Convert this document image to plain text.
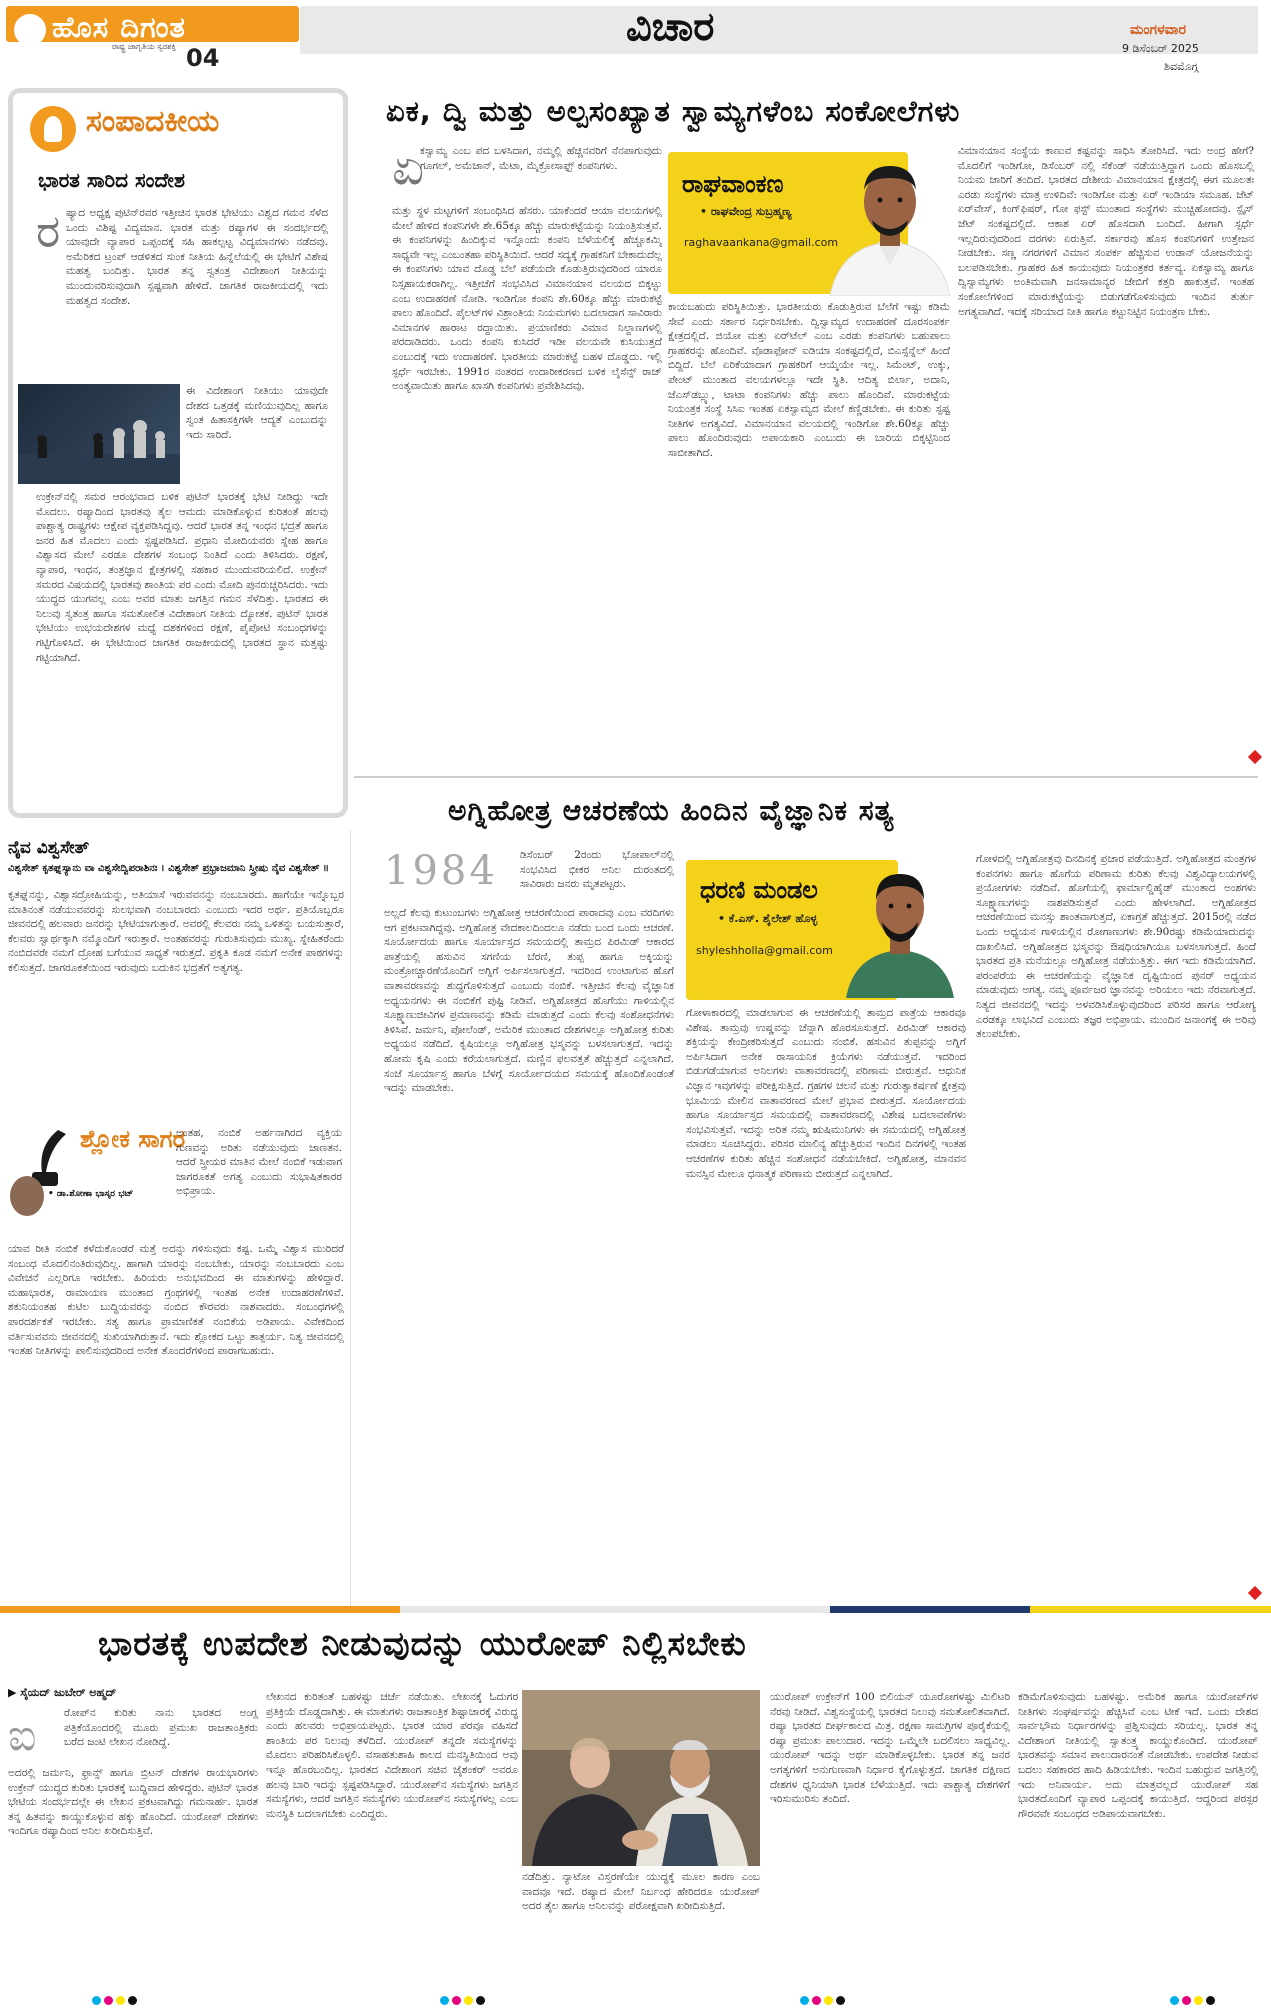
ಹೊಸ ದಿಗಂತ
ರಾಷ್ಟ್ರ ಜಾಗೃತಿಯ ಸ್ವರಶಕ್ತಿ 04
ವಿಚಾರ	ಮಂಗಳವಾರ
9 ಡಿಸೆಂಬರ್ 2025
ಶಿವಮೊಗ್ಗ
ಸಂಪಾದಕೀಯ
ಭಾರತ ಸಾರಿದ ಸಂದೇಶ
ರ ಷ್ಯಾದ ಅಧ್ಯಕ್ಷ ಪುಟಿನ್‌ರವರ ಇತ್ತೀಚಿನ ಭಾರತ ಭೇಟಿಯು ವಿಶ್ವದ ಗಮನ ಸೆಳೆದ ಒಂದು ವಿಶಿಷ್ಟ ವಿದ್ಯಮಾನ. ಭಾರತ ಮತ್ತು ರಷ್ಯಾಗಳ ಈ ಸಂದರ್ಭದಲ್ಲಿ ಯಾವುದೇ ವ್ಯಾಪಾರ ಒಪ್ಪಂದಕ್ಕೆ ಸಹಿ ಹಾಕಲ್ಪಟ್ಟ ವಿದ್ಯಮಾನಗಳು ನಡೆದವು. ಅಮೆರಿಕದ ಟ್ರಂಪ್ ಆಡಳಿತದ ಸುಂಕ ನೀತಿಯ ಹಿನ್ನೆಲೆಯಲ್ಲಿ ಈ ಭೇಟಿಗೆ ವಿಶೇಷ ಮಹತ್ವ ಬಂದಿತ್ತು. ಭಾರತ ತನ್ನ ಸ್ವತಂತ್ರ ವಿದೇಶಾಂಗ ನೀತಿಯನ್ನು ಮುಂದುವರಿಸುವುದಾಗಿ ಸ್ಪಷ್ಟವಾಗಿ ಹೇಳಿದೆ. ಜಾಗತಿಕ ರಾಜಕೀಯದಲ್ಲಿ ಇದು ಮಹತ್ವದ ಸಂದೇಶ.
ಈ ವಿದೇಶಾಂಗ ನೀತಿಯು ಯಾವುದೇ ದೇಶದ ಒತ್ತಡಕ್ಕೆ ಮಣಿಯುವುದಿಲ್ಲ ಹಾಗೂ ಸ್ವಂತ ಹಿತಾಸಕ್ತಿಗಳೇ ಆದ್ಯತೆ ಎಂಬುದನ್ನು ಇದು ಸಾರಿದೆ.
ಉಕ್ರೇನ್‌ನಲ್ಲಿ ಸಮರ ಆರಂಭವಾದ ಬಳಿಕ ಪುಟಿನ್ ಭಾರತಕ್ಕೆ ಭೇಟಿ ನೀಡಿದ್ದು ಇದೇ ಮೊದಲು. ರಷ್ಯಾದಿಂದ ಭಾರತವು ತೈಲ ಆಮದು ಮಾಡಿಕೊಳ್ಳುವ ಕುರಿತಂತೆ ಹಲವು ಪಾಶ್ಚಾತ್ಯ ರಾಷ್ಟ್ರಗಳು ಆಕ್ಷೇಪ ವ್ಯಕ್ತಪಡಿಸಿದ್ದವು. ಆದರೆ ಭಾರತ ತನ್ನ ಇಂಧನ ಭದ್ರತೆ ಹಾಗೂ ಜನರ ಹಿತ ಮೊದಲು ಎಂದು ಸ್ಪಷ್ಟಪಡಿಸಿದೆ. ಪ್ರಧಾನಿ ಮೋದಿಯವರು ಸ್ನೇಹ ಹಾಗೂ ವಿಶ್ವಾಸದ ಮೇಲೆ ಎರಡೂ ದೇಶಗಳ ಸಂಬಂಧ ನಿಂತಿದೆ ಎಂದು ತಿಳಿಸಿದರು. ರಕ್ಷಣೆ, ವ್ಯಾಪಾರ, ಇಂಧನ, ತಂತ್ರಜ್ಞಾನ ಕ್ಷೇತ್ರಗಳಲ್ಲಿ ಸಹಕಾರ ಮುಂದುವರಿಯಲಿದೆ. ಉಕ್ರೇನ್ ಸಮರದ ವಿಷಯದಲ್ಲಿ ಭಾರತವು ಶಾಂತಿಯ ಪರ ಎಂದು ಮೋದಿ ಪುನರುಚ್ಚರಿಸಿದರು. ಇದು ಯುದ್ಧದ ಯುಗವಲ್ಲ ಎಂಬ ಅವರ ಮಾತು ಜಗತ್ತಿನ ಗಮನ ಸೆಳೆದಿತ್ತು. ಭಾರತದ ಈ ನಿಲುವು ಸ್ವತಂತ್ರ ಹಾಗೂ ಸಮತೋಲಿತ ವಿದೇಶಾಂಗ ನೀತಿಯ ದ್ಯೋತಕ. ಪುಟಿನ್ ಭಾರತ ಭೇಟಿಯು ಉಭಯದೇಶಗಳ ಮಧ್ಯೆ ದಶಕಗಳಿಂದ ರಕ್ಷಣೆ, ಪೈಪೋಟಿ ಸಂಬಂಧಗಳನ್ನು ಗಟ್ಟಿಗೊಳಿಸಿದೆ. ಈ ಭೇಟಿಯಿಂದ ಜಾಗತಿಕ ರಾಜಕೀಯದಲ್ಲಿ ಭಾರತದ ಸ್ಥಾನ ಮತ್ತಷ್ಟು ಗಟ್ಟಿಯಾಗಿದೆ.
ಏಕ, ದ್ವಿ ಮತ್ತು ಅಲ್ಪಸಂಖ್ಯಾತ ಸ್ವಾಮ್ಯಗಳೆಂಬ ಸಂಕೋಲೆಗಳು
ಏ
ಕಸ್ವಾಮ್ಯ ಎಂಬ ಪದ ಬಳಸಿದಾಗ, ನಮ್ಮಲ್ಲಿ ಹೆಚ್ಚಿನವರಿಗೆ ನೆನಪಾಗುವುದು ಗೂಗಲ್, ಅಮೆಜಾನ್, ಮೆಟಾ, ಮೈಕ್ರೋಸಾಫ್ಟ್ ಕಂಪನಿಗಳು.
ಮತ್ತು ಸ್ಥಳ ಮಟ್ಟಗಳಿಗೆ ಸಂಬಂಧಿಸಿದ ಹೆಸರು. ಯಾಕೆಂದರೆ ಆಯಾ ವಲಯಗಳಲ್ಲಿ ಮೇಲೆ ಹೇಳಿದ ಕಂಪನಿಗಳೇ ಶೇ.65ಕ್ಕೂ ಹೆಚ್ಚು ಮಾರುಕಟ್ಟೆಯನ್ನು ನಿಯಂತ್ರಿಸುತ್ತವೆ. ಈ ಕಂಪನಿಗಳನ್ನು ಹಿಂದಿಕ್ಕುವ ಇನ್ನೊಂದು ಕಂಪನಿ ಬೆಳೆಯಲಿಕ್ಕೆ ಹೆಚ್ಚೂಕಮ್ಮಿ ಸಾಧ್ಯವೇ ಇಲ್ಲ ಎಂಬಂತಹಾ ಪರಿಸ್ಥಿತಿಯಿದೆ. ಆದರೆ ಸದ್ಯಕ್ಕೆ ಗ್ರಾಹಕನಿಗೆ ಬೇಕಾದುದೆಲ್ಲ ಈ ಕಂಪನಿಗಳು ಯಾವ ದೊಡ್ಡ ಬೆಲೆ ಪಡೆಯದೇ ಕೊಡುತ್ತಿರುವುದರಿಂದ ಯಾರೂ ನಿಸ್ಸಹಾಯಕರಾಗಿಲ್ಲ. ಇತ್ತೀಚೆಗೆ ಸಂಭವಿಸಿದ ವಿಮಾನಯಾನ ವಲಯದ ಬಿಕ್ಕಟ್ಟು ಎಂಬ ಉದಾಹರಣೆ ನೋಡಿ. ಇಂಡಿಗೋ ಕಂಪನಿ ಶೇ.60ಕ್ಕೂ ಹೆಚ್ಚು ಮಾರುಕಟ್ಟೆ ಪಾಲು ಹೊಂದಿದೆ. ಪೈಲಟ್‌ಗಳ ವಿಶ್ರಾಂತಿಯ ನಿಯಮಗಳು ಬದಲಾದಾಗ ಸಾವಿರಾರು ವಿಮಾನಗಳ ಹಾರಾಟ ರದ್ದಾಯಿತು. ಪ್ರಯಾಣಿಕರು ವಿಮಾನ ನಿಲ್ದಾಣಗಳಲ್ಲಿ ಪರದಾಡಿದರು. ಒಂದು ಕಂಪನಿ ಕುಸಿದರೆ ಇಡೀ ವಲಯವೇ ಕುಸಿಯುತ್ತದೆ ಎಂಬುದಕ್ಕೆ ಇದು ಉದಾಹರಣೆ. ಭಾರತೀಯ ಮಾರುಕಟ್ಟೆ ಬಹಳ ದೊಡ್ಡದು. ಇಲ್ಲಿ ಸ್ಪರ್ಧೆ ಇರಬೇಕು. 1991ರ ನಂತರದ ಉದಾರೀಕರಣದ ಬಳಿಕ ಲೈಸೆನ್ಸ್ ರಾಜ್ ಅಂತ್ಯವಾಯಿತು ಹಾಗೂ ಖಾಸಗಿ ಕಂಪನಿಗಳು ಪ್ರವೇಶಿಸಿದವು.
ರಾಘವಾಂಕಣ
• ರಾಘವೇಂದ್ರ ಸುಬ್ರಹ್ಮಣ್ಯ
raghavaankana@gmail.com
ಕಾಯಬಹುದು ಪರಿಸ್ಥಿತಿಯಿತ್ತು. ಭಾರತೀಯರು ಕೊಡುತ್ತಿರುವ ಬೆಲೆಗೆ ಇಷ್ಟು ಕಡಿಮೆ ಸೇವೆ ಎಂದು ಸರ್ಕಾರ ನಿರ್ಧರಿಸಬೇಕು. ದ್ವಿಸ್ವಾಮ್ಯದ ಉದಾಹರಣೆ ದೂರಸಂಪರ್ಕ ಕ್ಷೇತ್ರದಲ್ಲಿದೆ. ಜಿಯೋ ಮತ್ತು ಏರ್‌ಟೆಲ್ ಎಂಬ ಎರಡು ಕಂಪನಿಗಳು ಬಹುಪಾಲು ಗ್ರಾಹಕರನ್ನು ಹೊಂದಿವೆ. ವೊಡಾಫೋನ್ ಐಡಿಯಾ ಸಂಕಷ್ಟದಲ್ಲಿದೆ, ಬಿಎಸ್ಸೆನ್ನೆಲ್ ಹಿಂದೆ ಬಿದ್ದಿದೆ. ಬೆಲೆ ಏರಿಕೆಯಾದಾಗ ಗ್ರಾಹಕರಿಗೆ ಆಯ್ಕೆಯೇ ಇಲ್ಲ. ಸಿಮೆಂಟ್, ಉಕ್ಕು, ಪೇಂಟ್ ಮುಂತಾದ ವಲಯಗಳಲ್ಲೂ ಇದೇ ಸ್ಥಿತಿ. ಆದಿತ್ಯ ಬಿರ್ಲಾ, ಅದಾನಿ, ಜೆಎಸ್‌ಡಬ್ಲ್ಯು, ಟಾಟಾ ಕಂಪನಿಗಳು ಹೆಚ್ಚು ಪಾಲು ಹೊಂದಿವೆ. ಮಾರುಕಟ್ಟೆಯ ನಿಯಂತ್ರಕ ಸಂಸ್ಥೆ ಸಿಸಿಐ ಇಂತಹ ಏಕಸ್ವಾಮ್ಯದ ಮೇಲೆ ಕಣ್ಣಿಡಬೇಕು. ಈ ಕುರಿತು ಸ್ಪಷ್ಟ ನೀತಿಗಳ ಅಗತ್ಯವಿದೆ. ವಿಮಾನಯಾನ ವಲಯದಲ್ಲಿ ಇಂಡಿಗೋ ಶೇ.60ಕ್ಕೂ ಹೆಚ್ಚು ಪಾಲು ಹೊಂದಿರುವುದು ಅಪಾಯಕಾರಿ ಎಂಬುದು ಈ ಬಾರಿಯ ಬಿಕ್ಕಟ್ಟಿನಿಂದ ಸಾಬೀತಾಗಿದೆ.
ವಿಮಾನಯಾನ ಸಂಸ್ಥೆಯ ಕಾಣುವ ಕಷ್ಟವನ್ನು ಸಾಧಿಸಿ ತೋರಿಸಿದೆ. ಇದು ಅಂದ್ರ ಹೇಗೆ? ಮೊದಲಿಗೆ ಇಂಡಿಗೋ, ಡಿಸೆಂಬರ್ ನಲ್ಲಿ ಸೆಕೆಂಡ್ ನಡೆಯುತ್ತಿದ್ದಾಗ ಒಂದು ಹೊಸಬಲ್ಲಿ ನಿಯಮ ಜಾರಿಗೆ ತಂದಿದೆ. ಭಾರತದ ದೇಶೀಯ ವಿಮಾನಯಾನ ಕ್ಷೇತ್ರದಲ್ಲಿ ಈಗ ಮೂಲತಃ ಎರಡು ಸಂಸ್ಥೆಗಳು ಮಾತ್ರ ಉಳಿದಿವೆ: ಇಂಡಿಗೋ ಮತ್ತು ಏರ್ ಇಂಡಿಯಾ ಸಮೂಹ. ಜೆಟ್ ಏರ್‌ವೇಸ್, ಕಿಂಗ್‌ಫಿಷರ್, ಗೋ ಫಸ್ಟ್ ಮುಂತಾದ ಸಂಸ್ಥೆಗಳು ಮುಚ್ಚಿಹೋದವು. ಸ್ಪೈಸ್ ಜೆಟ್ ಸಂಕಷ್ಟದಲ್ಲಿದೆ. ಆಕಾಶ ಏರ್ ಹೊಸದಾಗಿ ಬಂದಿದೆ. ಹೀಗಾಗಿ ಸ್ಪರ್ಧೆ ಇಲ್ಲದಿರುವುದರಿಂದ ದರಗಳು ಏರುತ್ತಿವೆ. ಸರ್ಕಾರವು ಹೊಸ ಕಂಪನಿಗಳಿಗೆ ಉತ್ತೇಜನ ನೀಡಬೇಕು. ಸಣ್ಣ ನಗರಗಳಿಗೆ ವಿಮಾನ ಸಂಪರ್ಕ ಹೆಚ್ಚಿಸುವ ಉಡಾನ್ ಯೋಜನೆಯನ್ನು ಬಲಪಡಿಸಬೇಕು. ಗ್ರಾಹಕರ ಹಿತ ಕಾಯುವುದು ನಿಯಂತ್ರಕರ ಕರ್ತವ್ಯ. ಏಕಸ್ವಾಮ್ಯ ಹಾಗೂ ದ್ವಿಸ್ವಾಮ್ಯಗಳು ಅಂತಿಮವಾಗಿ ಜನಸಾಮಾನ್ಯರ ಜೇಬಿಗೆ ಕತ್ತರಿ ಹಾಕುತ್ತವೆ. ಇಂತಹ ಸಂಕೋಲೆಗಳಿಂದ ಮಾರುಕಟ್ಟೆಯನ್ನು ಬಿಡುಗಡೆಗೊಳಿಸುವುದು ಇಂದಿನ ತುರ್ತು ಅಗತ್ಯವಾಗಿದೆ. ಇದಕ್ಕೆ ಸರಿಯಾದ ನೀತಿ ಹಾಗೂ ಕಟ್ಟುನಿಟ್ಟಿನ ನಿಯಂತ್ರಣ ಬೇಕು.
ನೈವ ವಿಶ್ವಸೇತ್
ವಿಶ್ವಸೇತ್ ಕೃತಘ್ನಸ್ಯಾನು ವಾ ವಿಶ್ವಸೇದ್ವಿಪರಾಶಿನಃ । ವಿಶ್ವಸೇತ್ ಪ್ರಭ್ರಾಜಮಾನಿ ಸ್ತ್ರೀಷು ನೈವ ವಿಶ್ವಸೇತ್ ॥
ಕೃತಘ್ನನನ್ನು, ವಿಶ್ವಾಸದ್ರೋಹಿಯನ್ನು, ಅತಿಯಾಸೆ ಇರುವವನನ್ನು ನಂಬಬಾರದು. ಹಾಗೆಯೇ ಇನ್ನೊಬ್ಬರ ಮಾತಿನಂತೆ ನಡೆಯುವವರನ್ನು ಸುಲಭವಾಗಿ ನಂಬಬಾರದು ಎಂಬುದು ಇದರ ಅರ್ಥ. ಪ್ರತಿಯೊಬ್ಬರೂ ಜೀವನದಲ್ಲಿ ಹಲವಾರು ಜನರನ್ನು ಭೇಟಿಯಾಗುತ್ತಾರೆ. ಅವರಲ್ಲಿ ಕೆಲವರು ನಮ್ಮ ಒಳಿತನ್ನು ಬಯಸುತ್ತಾರೆ, ಕೆಲವರು ಸ್ವಾರ್ಥಕ್ಕಾಗಿ ನಮ್ಮೊಂದಿಗೆ ಇರುತ್ತಾರೆ. ಅಂತಹವರನ್ನು ಗುರುತಿಸುವುದು ಮುಖ್ಯ. ಸ್ನೇಹಿತರೆಂದು ನಂಬಿದವರೇ ನಮಗೆ ದ್ರೋಹ ಬಗೆಯುವ ಸಾಧ್ಯತೆ ಇರುತ್ತದೆ. ಪ್ರಕೃತಿ ಕೂಡ ನಮಗೆ ಅನೇಕ ಪಾಠಗಳನ್ನು ಕಲಿಸುತ್ತದೆ. ಜಾಗರೂಕತೆಯಿಂದ ಇರುವುದು ಬದುಕಿನ ಭದ್ರತೆಗೆ ಅತ್ಯಗತ್ಯ.
ಶ್ಲೋಕ ಸಾಗರ
• ಡಾ.ಶೋಣಾ ಭಾಸ್ಕರ ಭಟ್
ಅಂತಹ, ನಂಬಿಕೆ ಅರ್ಹನಾಗಿರದ ವ್ಯಕ್ತಿಯ ಗುಣವನ್ನು ಅರಿತು ನಡೆಯುವುದು ಜಾಣತನ. ಆದರೆ ಸ್ತ್ರೀಯರ ಮಾತಿನ ಮೇಲೆ ನಂಬಿಕೆ ಇಡುವಾಗ ಜಾಗರೂಕತೆ ಅಗತ್ಯ ಎಂಬುದು ಸುಭಾಷಿತಕಾರರ ಅಭಿಪ್ರಾಯ.
ಯಾವ ರೀತಿ ನಂಬಿಕೆ ಕಳೆದುಕೊಂಡರೆ ಮತ್ತೆ ಅದನ್ನು ಗಳಿಸುವುದು ಕಷ್ಟ. ಒಮ್ಮೆ ವಿಶ್ವಾಸ ಮುರಿದರೆ ಸಂಬಂಧ ಮೊದಲಿನಂತಿರುವುದಿಲ್ಲ. ಹಾಗಾಗಿ ಯಾರನ್ನು ನಂಬಬೇಕು, ಯಾರನ್ನು ನಂಬಬಾರದು ಎಂಬ ವಿವೇಚನೆ ಎಲ್ಲರಿಗೂ ಇರಬೇಕು. ಹಿರಿಯರು ಅನುಭವದಿಂದ ಈ ಮಾತುಗಳನ್ನು ಹೇಳಿದ್ದಾರೆ. ಮಹಾಭಾರತ, ರಾಮಾಯಣ ಮುಂತಾದ ಗ್ರಂಥಗಳಲ್ಲಿ ಇಂತಹ ಅನೇಕ ಉದಾಹರಣೆಗಳಿವೆ. ಶಕುನಿಯಂತಹ ಕುಟಿಲ ಬುದ್ಧಿಯವರನ್ನು ನಂಬಿದ ಕೌರವರು ನಾಶವಾದರು. ಸಂಬಂಧಗಳಲ್ಲಿ ಪಾರದರ್ಶಕತೆ ಇರಬೇಕು. ಸತ್ಯ ಹಾಗೂ ಪ್ರಾಮಾಣಿಕತೆ ನಂಬಿಕೆಯ ಅಡಿಪಾಯ. ವಿವೇಕದಿಂದ ವರ್ತಿಸುವವನು ಜೀವನದಲ್ಲಿ ಸುಖಿಯಾಗಿರುತ್ತಾನೆ. ಇದು ಶ್ಲೋಕದ ಒಟ್ಟು ತಾತ್ಪರ್ಯ. ನಿತ್ಯ ಜೀವನದಲ್ಲಿ ಇಂತಹ ನೀತಿಗಳನ್ನು ಪಾಲಿಸುವುದರಿಂದ ಅನೇಕ ತೊಂದರೆಗಳಿಂದ ಪಾರಾಗಬಹುದು.
ಅಗ್ನಿಹೋತ್ರ ಆಚರಣೆಯ ಹಿಂದಿನ ವೈಜ್ಞಾನಿಕ ಸತ್ಯ
1984 ಡಿಸೆಂಬರ್ 2ರಂದು ಭೋಪಾಲ್‌ನಲ್ಲಿ ಸಂಭವಿಸಿದ ಭೀಕರ ಅನಿಲ ದುರಂತದಲ್ಲಿ ಸಾವಿರಾರು ಜನರು ಮೃತಪಟ್ಟರು.
ಅಲ್ಲದೆ ಕೆಲವು ಕುಟುಂಬಗಳು ಅಗ್ನಿಹೋತ್ರ ಆಚರಣೆಯಿಂದ ಪಾರಾದವು ಎಂಬ ವರದಿಗಳು ಆಗ ಪ್ರಕಟವಾಗಿದ್ದವು. ಅಗ್ನಿಹೋತ್ರ ವೇದಕಾಲದಿಂದಲೂ ನಡೆದು ಬಂದ ಒಂದು ಆಚರಣೆ. ಸೂರ್ಯೋದಯ ಹಾಗೂ ಸೂರ್ಯಾಸ್ತದ ಸಮಯದಲ್ಲಿ ತಾಮ್ರದ ಪಿರಮಿಡ್ ಆಕಾರದ ಪಾತ್ರೆಯಲ್ಲಿ ಹಸುವಿನ ಸಗಣಿಯ ಬೆರಣಿ, ತುಪ್ಪ ಹಾಗೂ ಅಕ್ಕಿಯನ್ನು ಮಂತ್ರೋಚ್ಚಾರಣೆಯೊಂದಿಗೆ ಅಗ್ನಿಗೆ ಅರ್ಪಿಸಲಾಗುತ್ತದೆ. ಇದರಿಂದ ಉಂಟಾಗುವ ಹೊಗೆ ವಾತಾವರಣವನ್ನು ಶುದ್ಧಗೊಳಿಸುತ್ತದೆ ಎಂಬುದು ನಂಬಿಕೆ. ಇತ್ತೀಚಿನ ಕೆಲವು ವೈಜ್ಞಾನಿಕ ಅಧ್ಯಯನಗಳು ಈ ನಂಬಿಕೆಗೆ ಪುಷ್ಟಿ ನೀಡಿವೆ. ಅಗ್ನಿಹೋತ್ರದ ಹೊಗೆಯು ಗಾಳಿಯಲ್ಲಿನ ಸೂಕ್ಷ್ಮಾಣುಜೀವಿಗಳ ಪ್ರಮಾಣವನ್ನು ಕಡಿಮೆ ಮಾಡುತ್ತದೆ ಎಂದು ಕೆಲವು ಸಂಶೋಧನೆಗಳು ತಿಳಿಸಿವೆ. ಜರ್ಮನಿ, ಪೋಲೆಂಡ್, ಅಮೆರಿಕ ಮುಂತಾದ ದೇಶಗಳಲ್ಲೂ ಅಗ್ನಿಹೋತ್ರ ಕುರಿತು ಅಧ್ಯಯನ ನಡೆದಿದೆ. ಕೃಷಿಯಲ್ಲೂ ಅಗ್ನಿಹೋತ್ರ ಭಸ್ಮವನ್ನು ಬಳಸಲಾಗುತ್ತದೆ. ಇದನ್ನು ಹೋಮ ಕೃಷಿ ಎಂದು ಕರೆಯಲಾಗುತ್ತದೆ. ಮಣ್ಣಿನ ಫಲವತ್ತತೆ ಹೆಚ್ಚುತ್ತದೆ ಎನ್ನಲಾಗಿದೆ. ಸಂಜೆ ಸೂರ್ಯಾಸ್ತ ಹಾಗೂ ಬೆಳಗ್ಗೆ ಸೂರ್ಯೋದಯದ ಸಮಯಕ್ಕೆ ಹೊಂದಿಕೊಂಡಂತೆ ಇದನ್ನು ಮಾಡಬೇಕು.
ಧರಣಿ ಮಂಡಲ
• ಕೆ.ಎಸ್. ಶೈಲೇಶ್ ಹೊಳ್ಳ
shyleshholla@gmail.com
ಗೋಳಾಕಾರದಲ್ಲಿ ಮಾಡಲಾಗುವ ಈ ಆಚರಣೆಯಲ್ಲಿ ತಾಮ್ರದ ಪಾತ್ರೆಯ ಆಕಾರವೂ ವಿಶೇಷ. ತಾಮ್ರವು ಉಷ್ಣವನ್ನು ಚೆನ್ನಾಗಿ ಹೊರಸೂಸುತ್ತದೆ. ಪಿರಮಿಡ್ ಆಕಾರವು ಶಕ್ತಿಯನ್ನು ಕೇಂದ್ರೀಕರಿಸುತ್ತದೆ ಎಂಬುದು ನಂಬಿಕೆ. ಹಸುವಿನ ತುಪ್ಪವನ್ನು ಅಗ್ನಿಗೆ ಅರ್ಪಿಸಿದಾಗ ಅನೇಕ ರಾಸಾಯನಿಕ ಕ್ರಿಯೆಗಳು ನಡೆಯುತ್ತವೆ. ಇದರಿಂದ ಬಿಡುಗಡೆಯಾಗುವ ಅನಿಲಗಳು ವಾತಾವರಣದಲ್ಲಿ ಪರಿಣಾಮ ಬೀರುತ್ತವೆ. ಆಧುನಿಕ ವಿಜ್ಞಾನ ಇವುಗಳನ್ನು ಪರೀಕ್ಷಿಸುತ್ತಿದೆ. ಗ್ರಹಗಳ ಚಲನೆ ಮತ್ತು ಗುರುತ್ವಾಕರ್ಷಣೆ ಕ್ಷೇತ್ರವು ಭೂಮಿಯ ಮೇಲಿನ ವಾತಾವರಣದ ಮೇಲೆ ಪ್ರಭಾವ ಬೀರುತ್ತದೆ. ಸೂರ್ಯೋದಯ ಹಾಗೂ ಸೂರ್ಯಾಸ್ತದ ಸಮಯದಲ್ಲಿ ವಾತಾವರಣದಲ್ಲಿ ವಿಶೇಷ ಬದಲಾವಣೆಗಳು ಸಂಭವಿಸುತ್ತವೆ. ಇದನ್ನು ಅರಿತ ನಮ್ಮ ಋಷಿಮುನಿಗಳು ಈ ಸಮಯದಲ್ಲಿ ಅಗ್ನಿಹೋತ್ರ ಮಾಡಲು ಸೂಚಿಸಿದ್ದರು. ಪರಿಸರ ಮಾಲಿನ್ಯ ಹೆಚ್ಚುತ್ತಿರುವ ಇಂದಿನ ದಿನಗಳಲ್ಲಿ ಇಂತಹ ಆಚರಣೆಗಳ ಕುರಿತು ಹೆಚ್ಚಿನ ಸಂಶೋಧನೆ ನಡೆಯಬೇಕಿದೆ. ಅಗ್ನಿಹೋತ್ರ, ಮಾನವನ ಮನಸ್ಸಿನ ಮೇಲೂ ಧನಾತ್ಮಕ ಪರಿಣಾಮ ಬೀರುತ್ತದೆ ಎನ್ನಲಾಗಿದೆ.
ಗೋಳದಲ್ಲಿ ಅಗ್ನಿಹೋತ್ರವು ದಿನದಿನಕ್ಕೆ ಪ್ರಚಾರ ಪಡೆಯುತ್ತಿದೆ. ಅಗ್ನಿಹೋತ್ರದ ಮಂತ್ರಗಳ ಕಂಪನಗಳು ಹಾಗೂ ಹೊಗೆಯ ಪರಿಣಾಮ ಕುರಿತು ಕೆಲವು ವಿಶ್ವವಿದ್ಯಾಲಯಗಳಲ್ಲಿ ಪ್ರಯೋಗಗಳು ನಡೆದಿವೆ. ಹೊಗೆಯಲ್ಲಿ ಫಾರ್ಮಾಲ್ಡಿಹೈಡ್ ಮುಂತಾದ ಅಂಶಗಳು ಸೂಕ್ಷ್ಮಾಣುಗಳನ್ನು ನಾಶಪಡಿಸುತ್ತವೆ ಎಂದು ಹೇಳಲಾಗಿದೆ. ಅಗ್ನಿಹೋತ್ರದ ಆಚರಣೆಯಿಂದ ಮನಸ್ಸು ಶಾಂತವಾಗುತ್ತದೆ, ಏಕಾಗ್ರತೆ ಹೆಚ್ಚುತ್ತದೆ. 2015ರಲ್ಲಿ ನಡೆದ ಒಂದು ಅಧ್ಯಯನ ಗಾಳಿಯಲ್ಲಿನ ರೋಗಾಣುಗಳು ಶೇ.90ರಷ್ಟು ಕಡಿಮೆಯಾದುದನ್ನು ದಾಖಲಿಸಿದೆ. ಅಗ್ನಿಹೋತ್ರದ ಭಸ್ಮವನ್ನು ಔಷಧಿಯಾಗಿಯೂ ಬಳಸಲಾಗುತ್ತದೆ. ಹಿಂದೆ ಭಾರತದ ಪ್ರತಿ ಮನೆಯಲ್ಲೂ ಅಗ್ನಿಹೋತ್ರ ನಡೆಯುತ್ತಿತ್ತು. ಈಗ ಇದು ಕಡಿಮೆಯಾಗಿದೆ. ಪರಂಪರೆಯ ಈ ಆಚರಣೆಯನ್ನು ವೈಜ್ಞಾನಿಕ ದೃಷ್ಟಿಯಿಂದ ಪುನರ್ ಅಧ್ಯಯನ ಮಾಡುವುದು ಅಗತ್ಯ. ನಮ್ಮ ಪೂರ್ವಜರ ಜ್ಞಾನವನ್ನು ಅರಿಯಲು ಇದು ನೆರವಾಗುತ್ತದೆ. ನಿತ್ಯದ ಜೀವನದಲ್ಲಿ ಇದನ್ನು ಅಳವಡಿಸಿಕೊಳ್ಳುವುದರಿಂದ ಪರಿಸರ ಹಾಗೂ ಆರೋಗ್ಯ ಎರಡಕ್ಕೂ ಲಾಭವಿದೆ ಎಂಬುದು ತಜ್ಞರ ಅಭಿಪ್ರಾಯ. ಮುಂದಿನ ಜನಾಂಗಕ್ಕೆ ಈ ಅರಿವು ತಲುಪಬೇಕು.
ಭಾರತಕ್ಕೆ ಉಪದೇಶ ನೀಡುವುದನ್ನು ಯುರೋಪ್ ನಿಲ್ಲಿಸಬೇಕು
▶ ಸೈಯದ್ ಜುಬೇರ್ ಅಹ್ಮದ್
ಐ	ರೋಪ್‌ನ ಕುರಿತು ನಾನು ಭಾರತದ ಅಂಗ್ಲ ಪತ್ರಿಕೆಯೊಂದರಲ್ಲಿ ಮೂರು ಪ್ರಮುಖ ರಾಜತಾಂತ್ರಿಕರು ಬರೆದ ಜಂಟಿ ಲೇಖನ ನೋಡಿದ್ದೆ.
ಅದರಲ್ಲಿ ಜರ್ಮನಿ, ಫ್ರಾನ್ಸ್ ಹಾಗೂ ಬ್ರಿಟನ್ ದೇಶಗಳ ರಾಯಭಾರಿಗಳು ಉಕ್ರೇನ್ ಯುದ್ಧದ ಕುರಿತು ಭಾರತಕ್ಕೆ ಬುದ್ಧಿವಾದ ಹೇಳಿದ್ದರು. ಪುಟಿನ್ ಭಾರತ ಭೇಟಿಯ ಸಂದರ್ಭದಲ್ಲೇ ಈ ಲೇಖನ ಪ್ರಕಟವಾಗಿದ್ದು ಗಮನಾರ್ಹ. ಭಾರತ ತನ್ನ ಹಿತವನ್ನು ಕಾಯ್ದುಕೊಳ್ಳುವ ಹಕ್ಕು ಹೊಂದಿದೆ. ಯುರೋಪ್ ದೇಶಗಳು ಇಂದಿಗೂ ರಷ್ಯಾದಿಂದ ಅನಿಲ ಖರೀದಿಸುತ್ತಿವೆ.
ಲೇಖನದ ಕುರಿತಂತೆ ಬಹಳಷ್ಟು ಚರ್ಚೆ ನಡೆಯಿತು. ಲೇಖನಕ್ಕೆ ಓದುಗರ ಪ್ರತಿಕ್ರಿಯೆ ದೊಡ್ಡದಾಗಿತ್ತು. ಈ ಮಾತುಗಳು ರಾಜತಾಂತ್ರಿಕ ಶಿಷ್ಟಾಚಾರಕ್ಕೆ ವಿರುದ್ಧ ಎಂದು ಹಲವರು ಅಭಿಪ್ರಾಯಪಟ್ಟರು. ಭಾರತ ಯಾರ ಪರವೂ ವಹಿಸದೆ ಶಾಂತಿಯ ಪರ ನಿಲುವು ತಳೆದಿದೆ. ಯುರೋಪ್ ತನ್ನದೇ ಸಮಸ್ಯೆಗಳನ್ನು ಮೊದಲು ಪರಿಹರಿಸಿಕೊಳ್ಳಲಿ. ವಸಾಹತುಶಾಹಿ ಕಾಲದ ಮನಸ್ಥಿತಿಯಿಂದ ಅವು ಇನ್ನೂ ಹೊರಬಂದಿಲ್ಲ. ಭಾರತದ ವಿದೇಶಾಂಗ ಸಚಿವ ಜೈಶಂಕರ್ ಅವರೂ ಹಲವು ಬಾರಿ ಇದನ್ನು ಸ್ಪಷ್ಟಪಡಿಸಿದ್ದಾರೆ. ಯುರೋಪ್‌ನ ಸಮಸ್ಯೆಗಳು ಜಗತ್ತಿನ ಸಮಸ್ಯೆಗಳು, ಆದರೆ ಜಗತ್ತಿನ ಸಮಸ್ಯೆಗಳು ಯುರೋಪ್‌ನ ಸಮಸ್ಯೆಗಳಲ್ಲ ಎಂಬ ಮನಸ್ಥಿತಿ ಬದಲಾಗಬೇಕು ಎಂದಿದ್ದರು.
ನಡೆದಿತ್ತು. ನ್ಯಾಟೋ ವಿಸ್ತರಣೆಯೇ ಯುದ್ಧಕ್ಕೆ ಮೂಲ ಕಾರಣ ಎಂಬ ವಾದವೂ ಇದೆ. ರಷ್ಯಾದ ಮೇಲೆ ನಿರ್ಬಂಧ ಹೇರಿದರೂ ಯುರೋಪ್ ಅದರ ತೈಲ ಹಾಗೂ ಅನಿಲವನ್ನು ಪರೋಕ್ಷವಾಗಿ ಖರೀದಿಸುತ್ತಿದೆ.
ಯುರೋಪ್ ಉಕ್ರೇನ್‌ಗೆ 100 ಬಿಲಿಯನ್ ಯೂರೋಗಳಷ್ಟು ಮಿಲಿಟರಿ ನೆರವು ನೀಡಿದೆ. ವಿಶ್ವಸಂಸ್ಥೆಯಲ್ಲಿ ಭಾರತದ ನಿಲುವು ಸಮತೋಲಿತವಾಗಿದೆ. ರಷ್ಯಾ ಭಾರತದ ದೀರ್ಘಕಾಲದ ಮಿತ್ರ. ರಕ್ಷಣಾ ಸಾಮಗ್ರಿಗಳ ಪೂರೈಕೆಯಲ್ಲಿ ರಷ್ಯಾ ಪ್ರಮುಖ ಪಾಲುದಾರ. ಇದನ್ನು ಒಮ್ಮೆಲೇ ಬದಲಿಸಲು ಸಾಧ್ಯವಿಲ್ಲ. ಯುರೋಪ್ ಇದನ್ನು ಅರ್ಥ ಮಾಡಿಕೊಳ್ಳಬೇಕು. ಭಾರತ ತನ್ನ ಜನರ ಅಗತ್ಯಗಳಿಗೆ ಅನುಗುಣವಾಗಿ ನಿರ್ಧಾರ ಕೈಗೊಳ್ಳುತ್ತದೆ. ಜಾಗತಿಕ ದಕ್ಷಿಣದ ದೇಶಗಳ ಧ್ವನಿಯಾಗಿ ಭಾರತ ಬೆಳೆಯುತ್ತಿದೆ. ಇದು ಪಾಶ್ಚಾತ್ಯ ದೇಶಗಳಿಗೆ ಇರಿಸುಮುರಿಸು ತಂದಿದೆ.
ಕಡಿಮೆಗೊಳಿಸುವುದು ಬಹಳಷ್ಟು. ಅಮೆರಿಕ ಹಾಗೂ ಯುರೋಪ್‌ಗಳ ನೀತಿಗಳು ಸಂಘರ್ಷವನ್ನು ಹೆಚ್ಚಿಸಿವೆ ಎಂಬ ಟೀಕೆ ಇದೆ. ಒಂದು ದೇಶದ ಸಾರ್ವಭೌಮ ನಿರ್ಧಾರಗಳನ್ನು ಪ್ರಶ್ನಿಸುವುದು ಸರಿಯಲ್ಲ. ಭಾರತ ತನ್ನ ವಿದೇಶಾಂಗ ನೀತಿಯಲ್ಲಿ ಸ್ವಾತಂತ್ರ್ಯ ಕಾಯ್ದುಕೊಂಡಿದೆ. ಯುರೋಪ್ ಭಾರತವನ್ನು ಸಮಾನ ಪಾಲುದಾರನಂತೆ ನೋಡಬೇಕು. ಉಪದೇಶ ನೀಡುವ ಬದಲು ಸಹಕಾರದ ಹಾದಿ ಹಿಡಿಯಬೇಕು. ಇಂದಿನ ಬಹುಧ್ರುವ ಜಗತ್ತಿನಲ್ಲಿ ಇದು ಅನಿವಾರ್ಯ. ಅದು ಮಾತ್ರವಲ್ಲದೆ ಯುರೋಪ್ ಸಹ ಭಾರತದೊಂದಿಗೆ ವ್ಯಾಪಾರ ಒಪ್ಪಂದಕ್ಕೆ ಕಾಯುತ್ತಿದೆ. ಆದ್ದರಿಂದ ಪರಸ್ಪರ ಗೌರವವೇ ಸಂಬಂಧದ ಅಡಿಪಾಯವಾಗಬೇಕು.
